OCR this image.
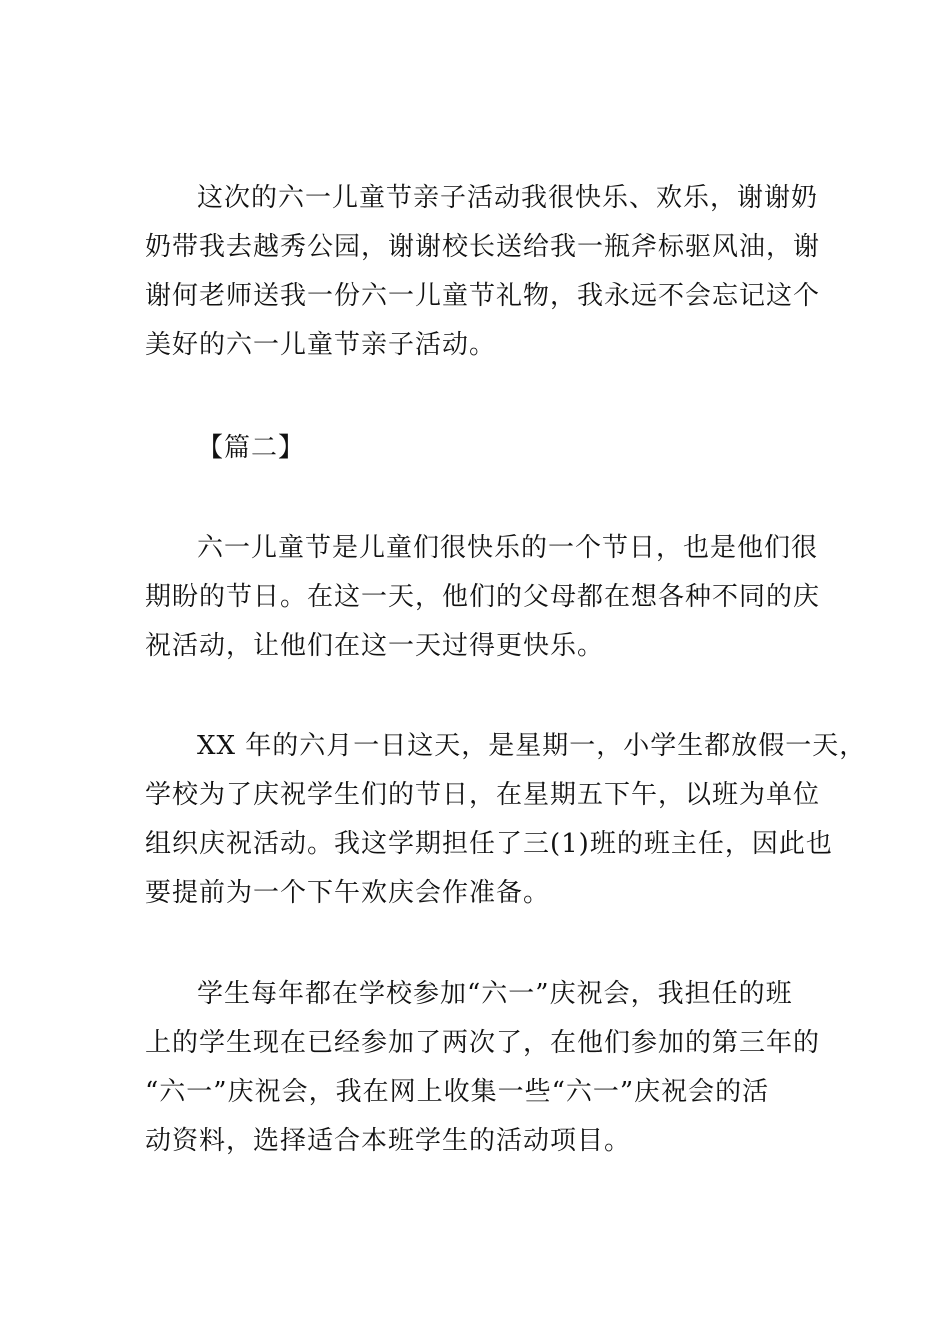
这次的六一儿童节亲子活动我很快乐、欢乐，谢谢奶
奶带我去越秀公园，谢谢校长送给我一瓶斧标驱风油，谢
谢何老师送我一份六一儿童节礼物，我永远不会忘记这个
美好的六一儿童节亲子活动。

【篇二】

六一儿童节是儿童们很快乐的一个节日，也是他们很
期盼的节日。在这一天，他们的父母都在想各种不同的庆
祝活动，让他们在这一天过得更快乐。

XX 年的六月一日这天，是星期一，小学生都放假一天，
学校为了庆祝学生们的节日，在星期五下午，以班为单位
组织庆祝活动。我这学期担任了三(1)班的班主任，因此也
要提前为一个下午欢庆会作准备。

学生每年都在学校参加“六一”庆祝会，我担任的班
上的学生现在已经参加了两次了，在他们参加的第三年的
“六一”庆祝会，我在网上收集一些“六一”庆祝会的活
动资料，选择适合本班学生的活动项目。
